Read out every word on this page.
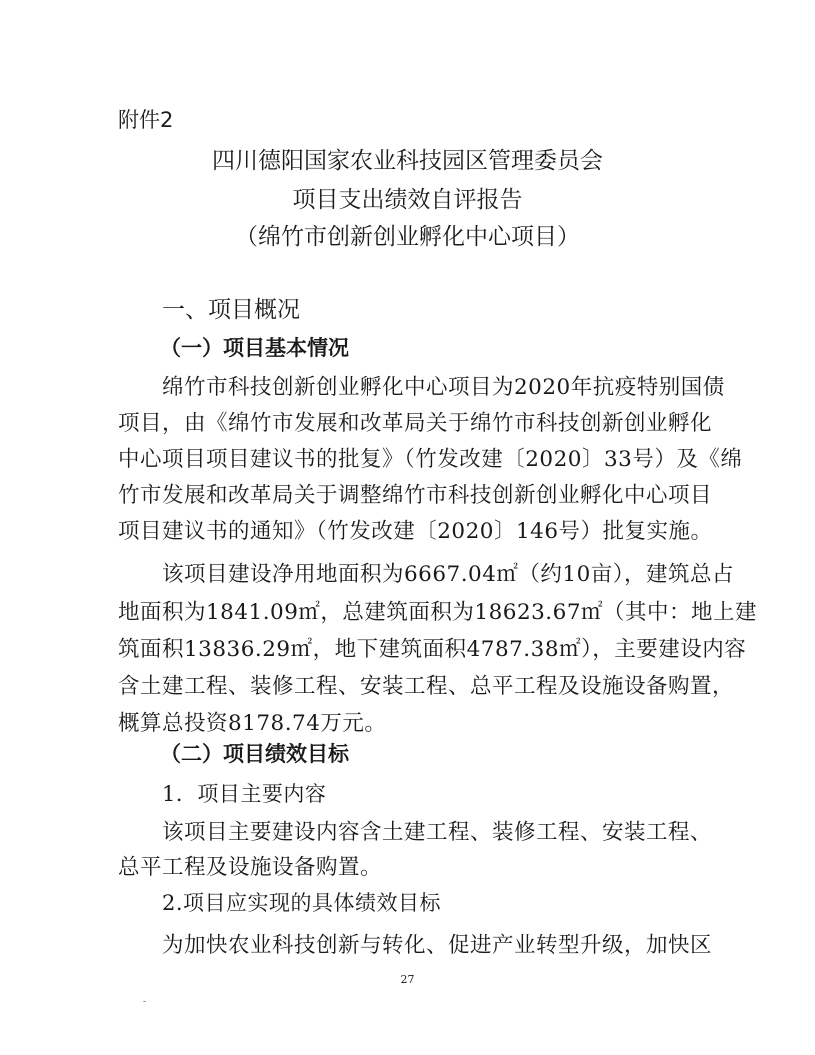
附件2
四川德阳国家农业科技园区管理委员会
项目支出绩效自评报告
（绵竹市创新创业孵化中心项目）
一、项目概况
（一）项目基本情况
绵竹市科技创新创业孵化中心项目为2020年抗疫特别国债
项目，由《绵竹市发展和改革局关于绵竹市科技创新创业孵化
中心项目项目建议书的批复》（竹发改建〔2020〕33号）及《绵
竹市发展和改革局关于调整绵竹市科技创新创业孵化中心项目
项目建议书的通知》（竹发改建〔2020〕146号）批复实施。
该项目建设净用地面积为6667.04㎡（约10亩），建筑总占
地面积为1841.09㎡，总建筑面积为18623.67㎡（其中：地上建
筑面积13836.29㎡，地下建筑面积4787.38㎡），主要建设内容
含土建工程、装修工程、安装工程、总平工程及设施设备购置，
概算总投资8178.74万元。
（二）项目绩效目标
1．项目主要内容
该项目主要建设内容含土建工程、装修工程、安装工程、
总平工程及设施设备购置。
2.项目应实现的具体绩效目标
为加快农业科技创新与转化、促进产业转型升级，加快区
27
-
